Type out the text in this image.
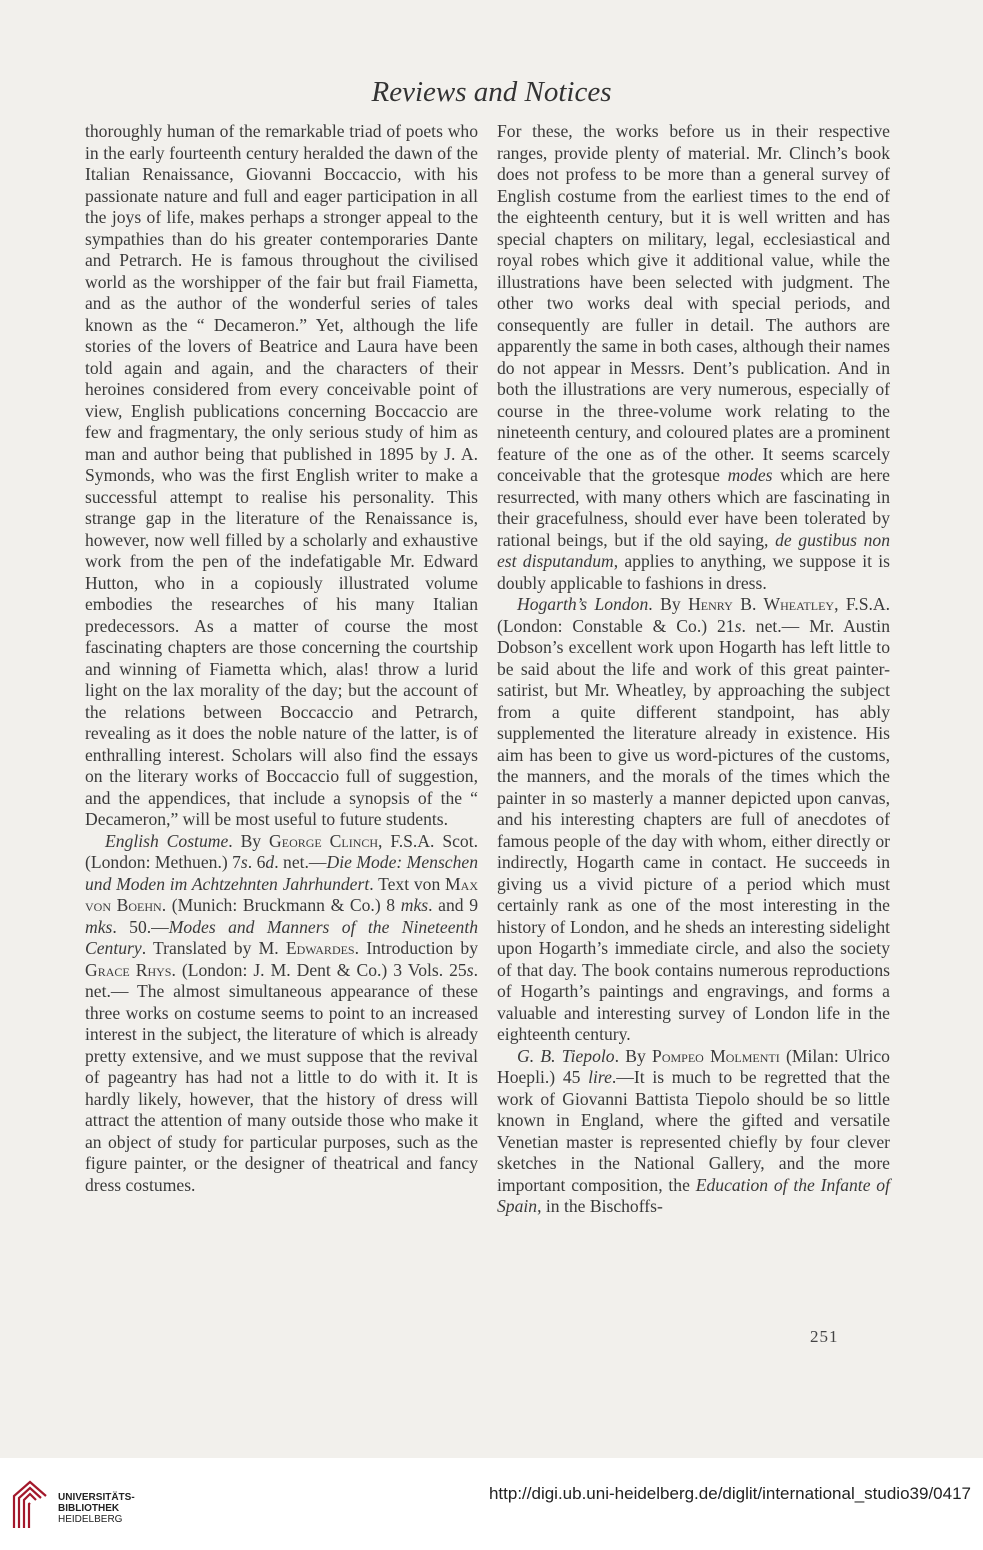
Reviews and Notices

thoroughly human of the remarkable triad of poets who in the early fourteenth century heralded the dawn of the Italian Renaissance, Giovanni Boccaccio, with his passionate nature and full and eager participation in all the joys of life, makes perhaps a stronger appeal to the sympathies than do his greater contemporaries Dante and Petrarch. He is famous throughout the civilised world as the worshipper of the fair but frail Fiametta, and as the author of the wonderful series of tales known as the “ Decameron.” Yet, although the life stories of the lovers of Beatrice and Laura have been told again and again, and the characters of their heroines considered from every conceivable point of view, English publications concerning Boccaccio are few and fragmentary, the only serious study of him as man and author being that published in 1895 by J. A. Symonds, who was the first English writer to make a successful attempt to realise his personality. This strange gap in the literature of the Renaissance is, however, now well filled by a scholarly and exhaustive work from the pen of the indefatigable Mr. Edward Hutton, who in a copiously illustrated volume embodies the researches of his many Italian predecessors. As a matter of course the most fascinating chapters are those concerning the courtship and winning of Fiametta which, alas! throw a lurid light on the lax morality of the day; but the account of the relations between Boccaccio and Petrarch, revealing as it does the noble nature of the latter, is of enthralling interest. Scholars will also find the essays on the literary works of Boccaccio full of suggestion, and the appendices, that include a synopsis of the “ Decameron,” will be most useful to future students.

English Costume. By George Clinch, F.S.A. Scot. (London: Methuen.) 7s. 6d. net.—Die Mode: Menschen und Moden im Achtzehnten Jahrhundert. Text von Max von Boehn. (Munich: Bruckmann & Co.) 8 mks. and 9 mks. 50.—Modes and Manners of the Nineteenth Century. Translated by M. Edwardes. Introduction by Grace Rhys. (London: J. M. Dent & Co.) 3 Vols. 25s. net.— The almost simultaneous appearance of these three works on costume seems to point to an increased interest in the subject, the literature of which is already pretty extensive, and we must suppose that the revival of pageantry has had not a little to do with it. It is hardly likely, however, that the history of dress will attract the attention of many outside those who make it an object of study for particular purposes, such as the figure painter, or the designer of theatrical and fancy dress costumes.

For these, the works before us in their respective ranges, provide plenty of material. Mr. Clinch’s book does not profess to be more than a general survey of English costume from the earliest times to the end of the eighteenth century, but it is well written and has special chapters on military, legal, ecclesiastical and royal robes which give it additional value, while the illustrations have been selected with judgment. The other two works deal with special periods, and consequently are fuller in detail. The authors are apparently the same in both cases, although their names do not appear in Messrs. Dent’s publication. And in both the illustrations are very numerous, especially of course in the three-volume work relating to the nineteenth century, and coloured plates are a prominent feature of the one as of the other. It seems scarcely conceivable that the grotesque modes which are here resurrected, with many others which are fascinating in their gracefulness, should ever have been tolerated by rational beings, but if the old saying, de gustibus non est disputandum, applies to anything, we suppose it is doubly applicable to fashions in dress.

Hogarth’s London. By Henry B. Wheatley, F.S.A. (London: Constable & Co.) 21s. net.— Mr. Austin Dobson’s excellent work upon Hogarth has left little to be said about the life and work of this great painter-satirist, but Mr. Wheatley, by approaching the subject from a quite different standpoint, has ably supplemented the literature already in existence. His aim has been to give us word-pictures of the customs, the manners, and the morals of the times which the painter in so masterly a manner depicted upon canvas, and his interesting chapters are full of anecdotes of famous people of the day with whom, either directly or indirectly, Hogarth came in contact. He succeeds in giving us a vivid picture of a period which must certainly rank as one of the most interesting in the history of London, and he sheds an interesting sidelight upon Hogarth’s immediate circle, and also the society of that day. The book contains numerous reproductions of Hogarth’s paintings and engravings, and forms a valuable and interesting survey of London life in the eighteenth century.

G. B. Tiepolo. By Pompeo Molmenti (Milan: Ulrico Hoepli.) 45 lire.—It is much to be regretted that the work of Giovanni Battista Tiepolo should be so little known in England, where the gifted and versatile Venetian master is represented chiefly by four clever sketches in the National Gallery, and the more important composition, the Education of the Infante of Spain, in the Bischoffs-

251
UNIVERSITÄTS-
BIBLIOTHEK
HEIDELBERG
http://digi.ub.uni-heidelberg.de/diglit/international_studio39/0417
